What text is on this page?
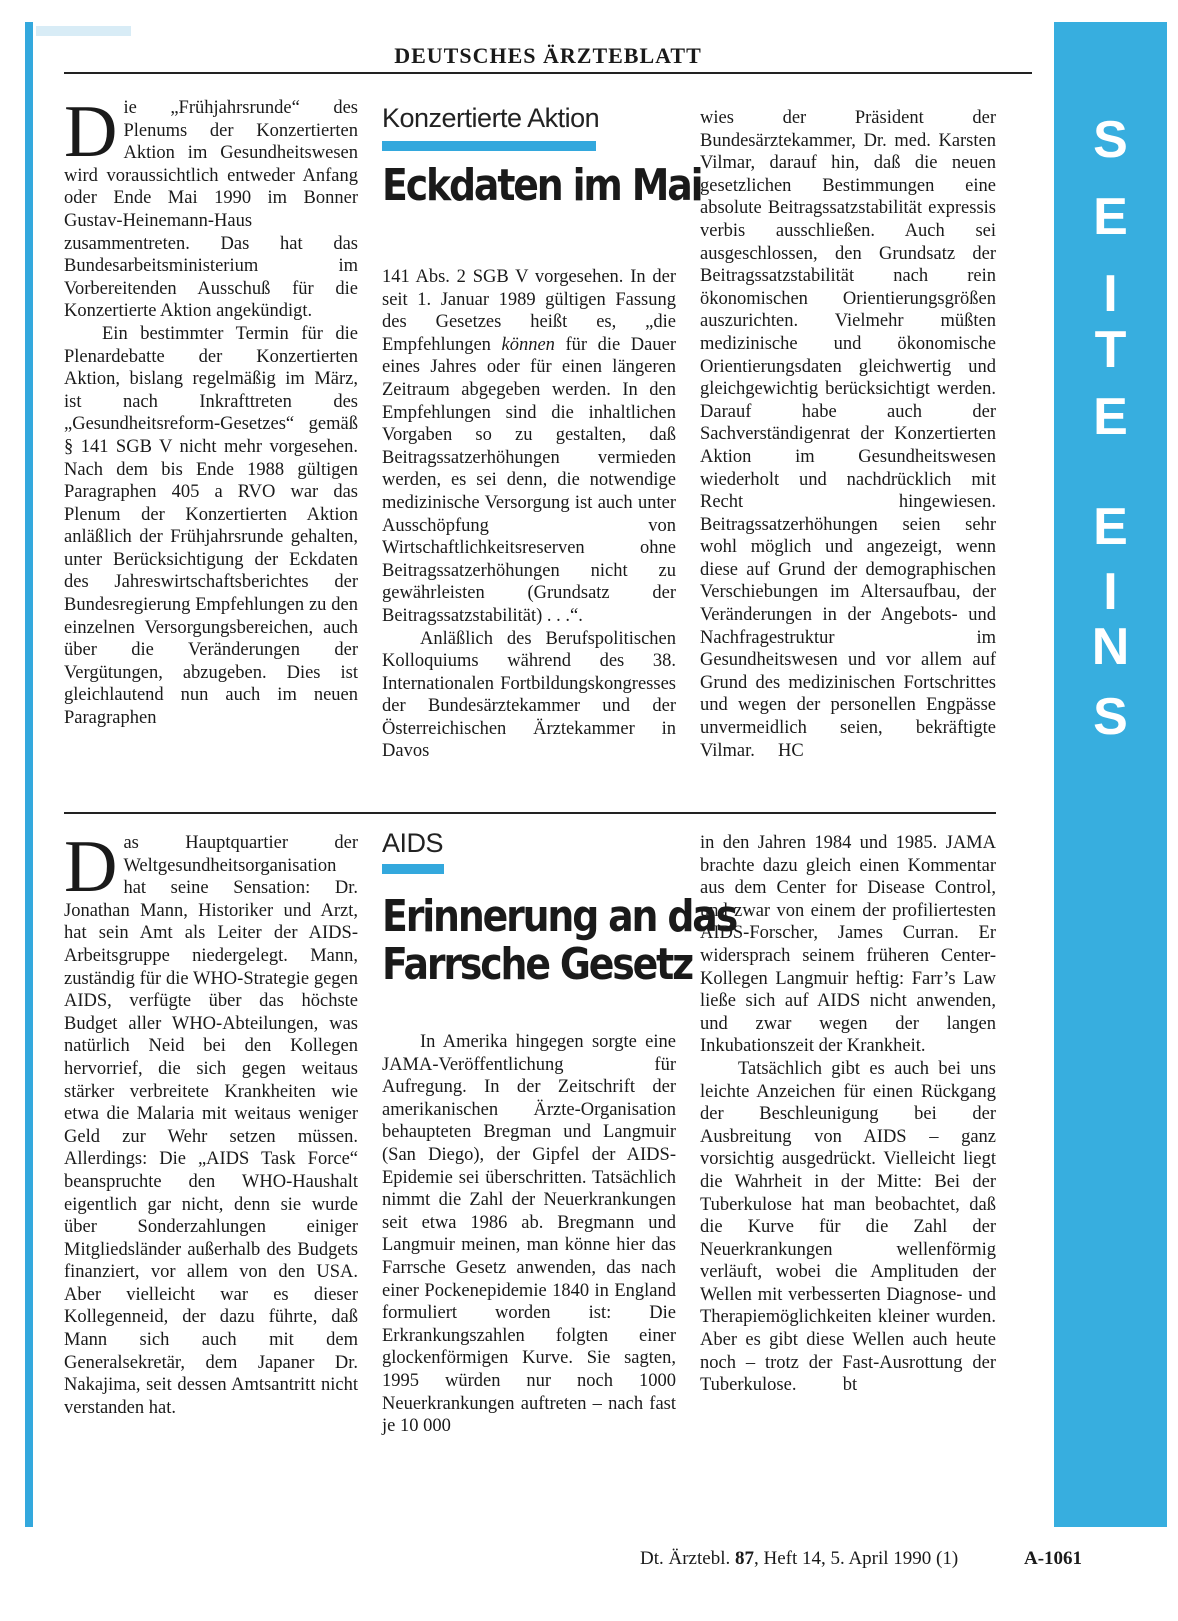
DEUTSCHES ÄRZTEBLATT
S
E
I
T
E
E
I
N
S
D ie „Frühjahrsrunde“ des Plenums der Konzertierten Aktion im Gesundheitswesen wird voraussichtlich entweder Anfang oder Ende Mai 1990 im Bonner Gustav-Heinemann-Haus zusammentreten. Das hat das Bundesarbeitsministerium im Vorbereitenden Ausschuß für die Konzertierte Aktion angekündigt.

Ein bestimmter Termin für die Plenardebatte der Konzertierten Aktion, bislang regelmäßig im März, ist nach Inkrafttreten des „Gesundheitsreform-Gesetzes“ gemäß § 141 SGB V nicht mehr vorgesehen. Nach dem bis Ende 1988 gültigen Paragraphen 405 a RVO war das Plenum der Konzertierten Aktion anläßlich der Frühjahrsrunde gehalten, unter Berücksichtigung der Eckdaten des Jahreswirtschaftsberichtes der Bundesregierung Empfehlungen zu den einzelnen Versorgungsbereichen, auch über die Veränderungen der Vergütungen, abzugeben. Dies ist gleichlautend nun auch im neuen Paragraphen

Konzertierte Aktion
Eckdaten im Mai

141 Abs. 2 SGB V vorgesehen. In der seit 1. Januar 1989 gültigen Fassung des Gesetzes heißt es, „die Empfehlungen können für die Dauer eines Jahres oder für einen längeren Zeitraum abgegeben werden. In den Empfehlungen sind die inhaltlichen Vorgaben so zu gestalten, daß Beitragssatzerhöhungen vermieden werden, es sei denn, die notwendige medizinische Versorgung ist auch unter Ausschöpfung von Wirtschaftlichkeitsreserven ohne Beitragssatzerhöhungen nicht zu gewährleisten (Grundsatz der Beitragssatzstabilität) . . .“.

Anläßlich des Berufspolitischen Kolloquiums während des 38. Internationalen Fortbildungskongresses der Bundesärztekammer und der Österreichischen Ärztekammer in Davos

wies der Präsident der Bundesärztekammer, Dr. med. Karsten Vilmar, darauf hin, daß die neuen gesetzlichen Bestimmungen eine absolute Beitragssatzstabilität expressis verbis ausschließen. Auch sei ausgeschlossen, den Grundsatz der Beitragssatzstabilität nach rein ökonomischen Orientierungsgrößen auszurichten. Vielmehr müßten medizinische und ökonomische Orientierungsdaten gleichwertig und gleichgewichtig berücksichtigt werden. Darauf habe auch der Sachverständigenrat der Konzertierten Aktion im Gesundheitswesen wiederholt und nachdrücklich mit Recht hingewiesen. Beitragssatzerhöhungen seien sehr wohl möglich und angezeigt, wenn diese auf Grund der demographischen Verschiebungen im Altersaufbau, der Veränderungen in der Angebots- und Nachfragestruktur im Gesundheitswesen und vor allem auf Grund des medizinischen Fortschrittes und wegen der personellen Engpässe unvermeidlich seien, bekräftigte Vilmar. HC

D as Hauptquartier der Weltgesundheitsorganisation hat seine Sensation: Dr. Jonathan Mann, Historiker und Arzt, hat sein Amt als Leiter der AIDS-Arbeitsgruppe niedergelegt. Mann, zuständig für die WHO-Strategie gegen AIDS, verfügte über das höchste Budget aller WHO-Abteilungen, was natürlich Neid bei den Kollegen hervorrief, die sich gegen weitaus stärker verbreitete Krankheiten wie etwa die Malaria mit weitaus weniger Geld zur Wehr setzen müssen. Allerdings: Die „AIDS Task Force“ beanspruchte den WHO-Haushalt eigentlich gar nicht, denn sie wurde über Sonderzahlungen einiger Mitgliedsländer außerhalb des Budgets finanziert, vor allem von den USA. Aber vielleicht war es dieser Kollegenneid, der dazu führte, daß Mann sich auch mit dem Generalsekretär, dem Japaner Dr. Nakajima, seit dessen Amtsantritt nicht verstanden hat.

AIDS
Erinnerung an das
Farrsche Gesetz

In Amerika hingegen sorgte eine JAMA-Veröffentlichung für Aufregung. In der Zeitschrift der amerikanischen Ärzte-Organisation behaupteten Bregman und Langmuir (San Diego), der Gipfel der AIDS-Epidemie sei überschritten. Tatsächlich nimmt die Zahl der Neuerkrankungen seit etwa 1986 ab. Bregmann und Langmuir meinen, man könne hier das Farrsche Gesetz anwenden, das nach einer Pockenepidemie 1840 in England formuliert worden ist: Die Erkrankungszahlen folgten einer glockenförmigen Kurve. Sie sagten, 1995 würden nur noch 1000 Neuerkrankungen auftreten – nach fast je 10 000

in den Jahren 1984 und 1985. JAMA brachte dazu gleich einen Kommentar aus dem Center for Disease Control, und zwar von einem der profiliertesten AIDS-Forscher, James Curran. Er widersprach seinem früheren Center-Kollegen Langmuir heftig: Farr’s Law ließe sich auf AIDS nicht anwenden, und zwar wegen der langen Inkubationszeit der Krankheit.

Tatsächlich gibt es auch bei uns leichte Anzeichen für einen Rückgang der Beschleunigung bei der Ausbreitung von AIDS – ganz vorsichtig ausgedrückt. Vielleicht liegt die Wahrheit in der Mitte: Bei der Tuberkulose hat man beobachtet, daß die Kurve für die Zahl der Neuerkrankungen wellenförmig verläuft, wobei die Amplituden der Wellen mit verbesserten Diagnose- und Therapiemöglichkeiten kleiner wurden. Aber es gibt diese Wellen auch heute noch – trotz der Fast-Ausrottung der Tuberkulose.	bt

Dt. Ärztebl. 87, Heft 14, 5. April 1990 (1)	A-1061
